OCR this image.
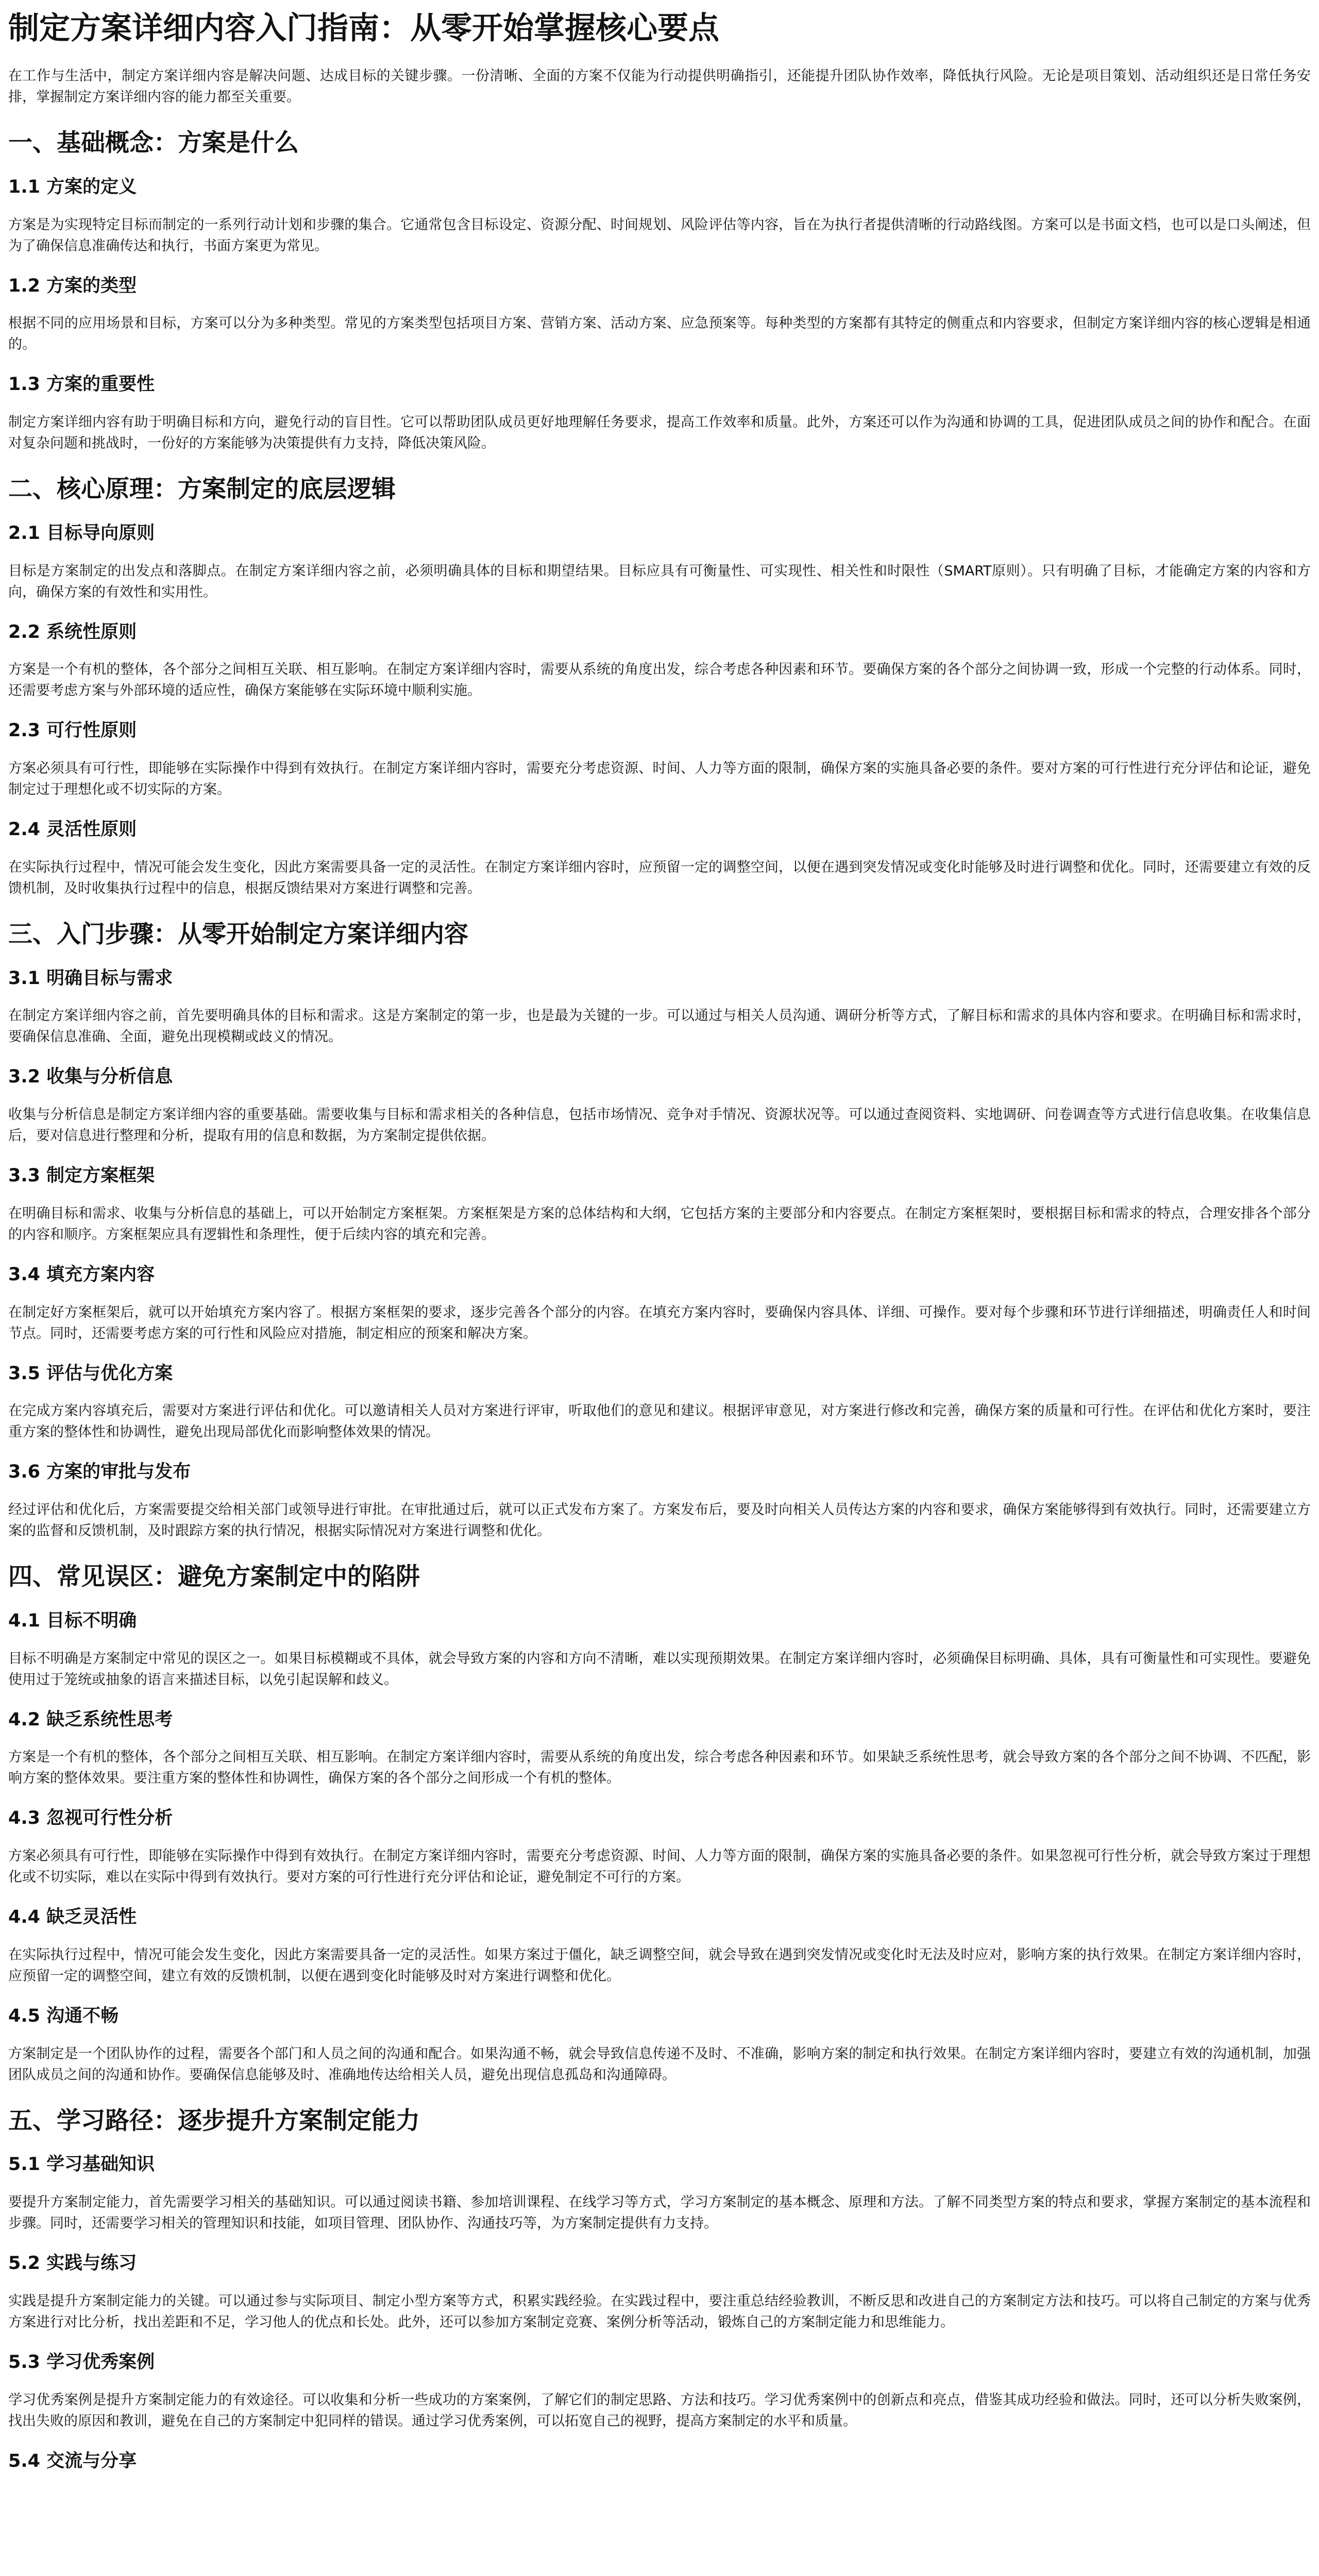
制定方案详细内容入门指南：从零开始掌握核心要点

在工作与生活中，制定方案详细内容是解决问题、达成目标的关键步骤。一份清晰、全面的方案不仅能为行动提供明确指引，还能提升团队协作效率，降低执行风险。无论是项目策划、活动组织还是日常任务安排，掌握制定方案详细内容的能力都至关重要。

一、基础概念：方案是什么
1.1 方案的定义

方案是为实现特定目标而制定的一系列行动计划和步骤的集合。它通常包含目标设定、资源分配、时间规划、风险评估等内容，旨在为执行者提供清晰的行动路线图。方案可以是书面文档，也可以是口头阐述，但为了确保信息准确传达和执行，书面方案更为常见。

1.2 方案的类型

根据不同的应用场景和目标，方案可以分为多种类型。常见的方案类型包括项目方案、营销方案、活动方案、应急预案等。每种类型的方案都有其特定的侧重点和内容要求，但制定方案详细内容的核心逻辑是相通的。

1.3 方案的重要性

制定方案详细内容有助于明确目标和方向，避免行动的盲目性。它可以帮助团队成员更好地理解任务要求，提高工作效率和质量。此外，方案还可以作为沟通和协调的工具，促进团队成员之间的协作和配合。在面对复杂问题和挑战时，一份好的方案能够为决策提供有力支持，降低决策风险。

二、核心原理：方案制定的底层逻辑
2.1 目标导向原则

目标是方案制定的出发点和落脚点。在制定方案详细内容之前，必须明确具体的目标和期望结果。目标应具有可衡量性、可实现性、相关性和时限性（SMART原则）。只有明确了目标，才能确定方案的内容和方向，确保方案的有效性和实用性。

2.2 系统性原则

方案是一个有机的整体，各个部分之间相互关联、相互影响。在制定方案详细内容时，需要从系统的角度出发，综合考虑各种因素和环节。要确保方案的各个部分之间协调一致，形成一个完整的行动体系。同时，还需要考虑方案与外部环境的适应性，确保方案能够在实际环境中顺利实施。

2.3 可行性原则

方案必须具有可行性，即能够在实际操作中得到有效执行。在制定方案详细内容时，需要充分考虑资源、时间、人力等方面的限制，确保方案的实施具备必要的条件。要对方案的可行性进行充分评估和论证，避免制定过于理想化或不切实际的方案。

2.4 灵活性原则

在实际执行过程中，情况可能会发生变化，因此方案需要具备一定的灵活性。在制定方案详细内容时，应预留一定的调整空间，以便在遇到突发情况或变化时能够及时进行调整和优化。同时，还需要建立有效的反馈机制，及时收集执行过程中的信息，根据反馈结果对方案进行调整和完善。

三、入门步骤：从零开始制定方案详细内容
3.1 明确目标与需求

在制定方案详细内容之前，首先要明确具体的目标和需求。这是方案制定的第一步，也是最为关键的一步。可以通过与相关人员沟通、调研分析等方式，了解目标和需求的具体内容和要求。在明确目标和需求时，要确保信息准确、全面，避免出现模糊或歧义的情况。

3.2 收集与分析信息

收集与分析信息是制定方案详细内容的重要基础。需要收集与目标和需求相关的各种信息，包括市场情况、竞争对手情况、资源状况等。可以通过查阅资料、实地调研、问卷调查等方式进行信息收集。在收集信息后，要对信息进行整理和分析，提取有用的信息和数据，为方案制定提供依据。

3.3 制定方案框架

在明确目标和需求、收集与分析信息的基础上，可以开始制定方案框架。方案框架是方案的总体结构和大纲，它包括方案的主要部分和内容要点。在制定方案框架时，要根据目标和需求的特点，合理安排各个部分的内容和顺序。方案框架应具有逻辑性和条理性，便于后续内容的填充和完善。

3.4 填充方案内容

在制定好方案框架后，就可以开始填充方案内容了。根据方案框架的要求，逐步完善各个部分的内容。在填充方案内容时，要确保内容具体、详细、可操作。要对每个步骤和环节进行详细描述，明确责任人和时间节点。同时，还需要考虑方案的可行性和风险应对措施，制定相应的预案和解决方案。

3.5 评估与优化方案

在完成方案内容填充后，需要对方案进行评估和优化。可以邀请相关人员对方案进行评审，听取他们的意见和建议。根据评审意见，对方案进行修改和完善，确保方案的质量和可行性。在评估和优化方案时，要注重方案的整体性和协调性，避免出现局部优化而影响整体效果的情况。

3.6 方案的审批与发布

经过评估和优化后，方案需要提交给相关部门或领导进行审批。在审批通过后，就可以正式发布方案了。方案发布后，要及时向相关人员传达方案的内容和要求，确保方案能够得到有效执行。同时，还需要建立方案的监督和反馈机制，及时跟踪方案的执行情况，根据实际情况对方案进行调整和优化。

四、常见误区：避免方案制定中的陷阱
4.1 目标不明确

目标不明确是方案制定中常见的误区之一。如果目标模糊或不具体，就会导致方案的内容和方向不清晰，难以实现预期效果。在制定方案详细内容时，必须确保目标明确、具体，具有可衡量性和可实现性。要避免使用过于笼统或抽象的语言来描述目标，以免引起误解和歧义。

4.2 缺乏系统性思考

方案是一个有机的整体，各个部分之间相互关联、相互影响。在制定方案详细内容时，需要从系统的角度出发，综合考虑各种因素和环节。如果缺乏系统性思考，就会导致方案的各个部分之间不协调、不匹配，影响方案的整体效果。要注重方案的整体性和协调性，确保方案的各个部分之间形成一个有机的整体。

4.3 忽视可行性分析

方案必须具有可行性，即能够在实际操作中得到有效执行。在制定方案详细内容时，需要充分考虑资源、时间、人力等方面的限制，确保方案的实施具备必要的条件。如果忽视可行性分析，就会导致方案过于理想化或不切实际，难以在实际中得到有效执行。要对方案的可行性进行充分评估和论证，避免制定不可行的方案。

4.4 缺乏灵活性

在实际执行过程中，情况可能会发生变化，因此方案需要具备一定的灵活性。如果方案过于僵化，缺乏调整空间，就会导致在遇到突发情况或变化时无法及时应对，影响方案的执行效果。在制定方案详细内容时，应预留一定的调整空间，建立有效的反馈机制，以便在遇到变化时能够及时对方案进行调整和优化。

4.5 沟通不畅

方案制定是一个团队协作的过程，需要各个部门和人员之间的沟通和配合。如果沟通不畅，就会导致信息传递不及时、不准确，影响方案的制定和执行效果。在制定方案详细内容时，要建立有效的沟通机制，加强团队成员之间的沟通和协作。要确保信息能够及时、准确地传达给相关人员，避免出现信息孤岛和沟通障碍。

五、学习路径：逐步提升方案制定能力
5.1 学习基础知识

要提升方案制定能力，首先需要学习相关的基础知识。可以通过阅读书籍、参加培训课程、在线学习等方式，学习方案制定的基本概念、原理和方法。了解不同类型方案的特点和要求，掌握方案制定的基本流程和步骤。同时，还需要学习相关的管理知识和技能，如项目管理、团队协作、沟通技巧等，为方案制定提供有力支持。

5.2 实践与练习

实践是提升方案制定能力的关键。可以通过参与实际项目、制定小型方案等方式，积累实践经验。在实践过程中，要注重总结经验教训，不断反思和改进自己的方案制定方法和技巧。可以将自己制定的方案与优秀方案进行对比分析，找出差距和不足，学习他人的优点和长处。此外，还可以参加方案制定竞赛、案例分析等活动，锻炼自己的方案制定能力和思维能力。

5.3 学习优秀案例

学习优秀案例是提升方案制定能力的有效途径。可以收集和分析一些成功的方案案例，了解它们的制定思路、方法和技巧。学习优秀案例中的创新点和亮点，借鉴其成功经验和做法。同时，还可以分析失败案例，找出失败的原因和教训，避免在自己的方案制定中犯同样的错误。通过学习优秀案例，可以拓宽自己的视野，提高方案制定的水平和质量。

5.4 交流与分享
